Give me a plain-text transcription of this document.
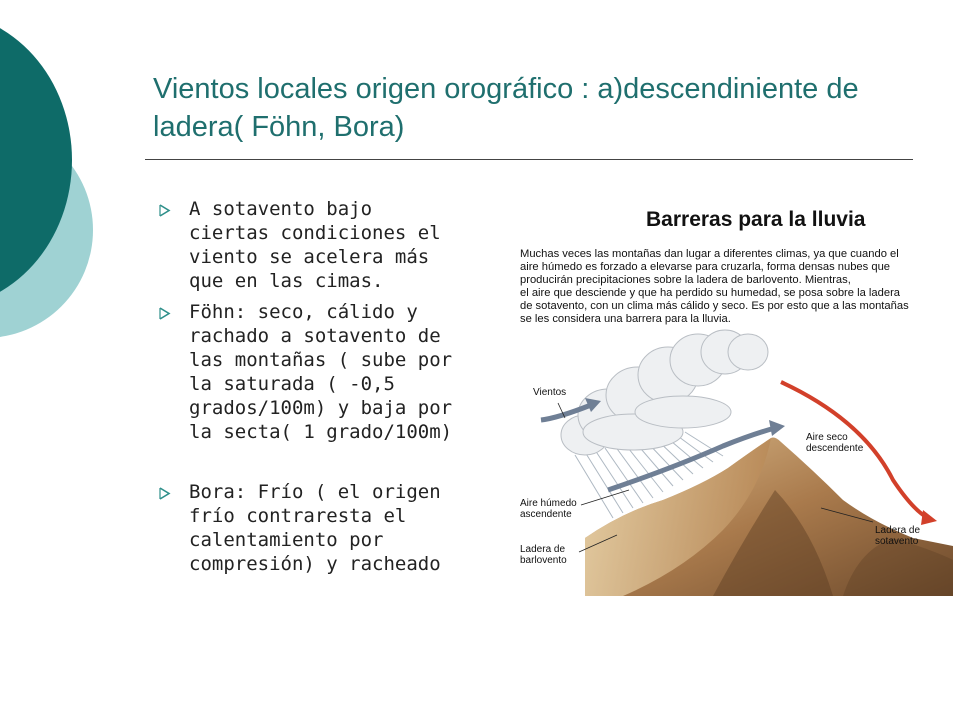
Vientos locales origen orográfico : a)descendiniente de ladera( Föhn, Bora)
A sotavento bajo ciertas condiciones el viento se acelera más que en las cimas.
Föhn: seco, cálido y rachado a sotavento de las montañas ( sube por la saturada ( -0,5 grados/100m) y baja por la secta( 1 grado/100m)
Bora: Frío ( el origen frío contraresta el calentamiento por compresión) y racheado
Barreras para la lluvia

Muchas veces las montañas dan lugar a diferentes climas, ya que cuando el
aire húmedo es forzado a elevarse para cruzarla, forma densas nubes que
producirán precipitaciones sobre la ladera de barlovento. Mientras,
el aire que desciende y que ha perdido su humedad, se posa sobre la ladera
de sotavento, con un clima más cálido y seco. Es por esto que a las montañas
se les considera una barrera para la lluvia.

Vientos
Aire seco
descendente
Aire húmedo
ascendente
Ladera de
barlovento
Ladera de
sotavento
